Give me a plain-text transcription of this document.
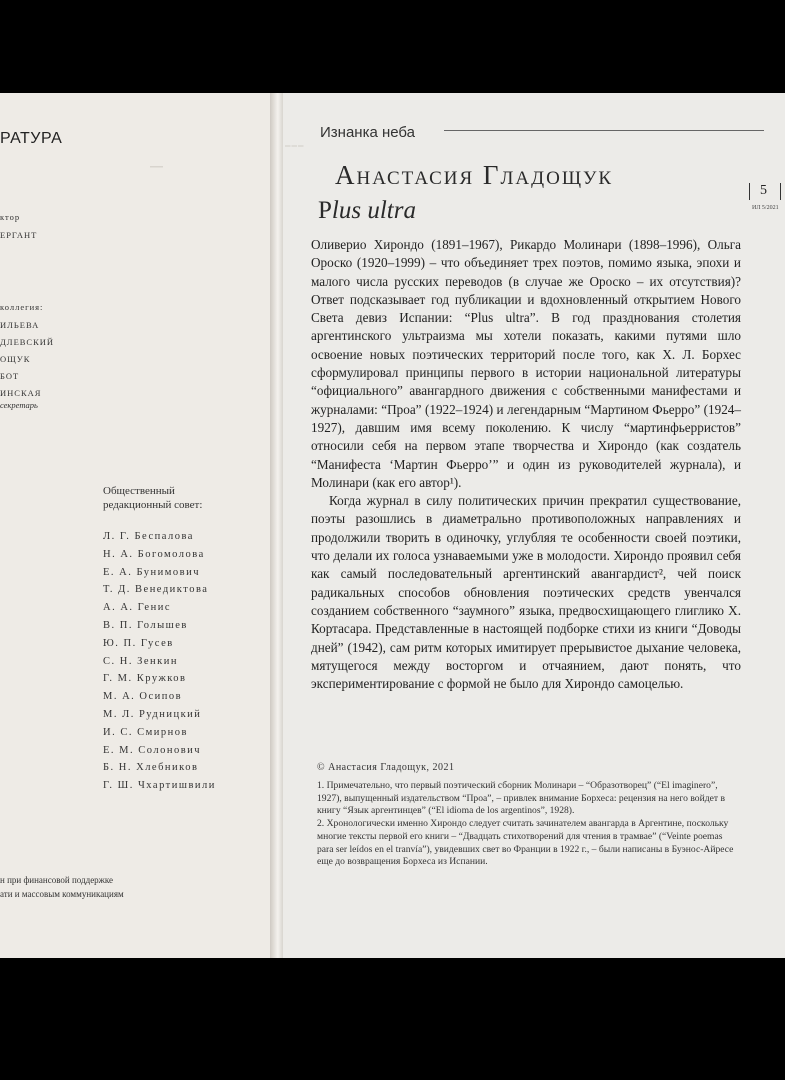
РАТУРА
⎯
ктор
ЕРГАНТ
коллегия:
ИЛЬЕВА
ДЛЕВСКИЙ
ОЩУК
БОТ
ИНСКАЯ
секретарь
Общественный
редакционный совет:
Л. Г. Беспалова
Н. А. Богомолова
Е. А. Бунимович
Т. Д. Венедиктова
А. А. Генис
В. П. Голышев
Ю. П. Гусев
С. Н. Зенкин
Г. М. Кружков
М. А. Осипов
М. Л. Рудницкий
И. С. Смирнов
Е. М. Солонович
Б. Н. Хлебников
Г. Ш. Чхартишвили
н при финансовой поддержке
ати и массовым коммуникациям
⎯⎯⎯
Изнанка неба
Анастасия Гладощук
Plus ultra
5
ИЛ 5/2021

Оливерио Хирондо (1891–1967), Рикардо Молинари (1898–1996), Ольга Ороско (1920–1999) – что объединяет трех поэтов, помимо языка, эпохи и малого числа русских переводов (в случае же Ороско – их отсутствия)? Ответ подсказывает год публикации и вдохновленный открытием Нового Света девиз Испании: “Plus ultra”. В год празднования столетия аргентинского ультраизма мы хотели показать, какими путями шло освоение новых поэтических территорий после того, как Х. Л. Борхес сформулировал принципы первого в истории национальной литературы “официального” авангардного движения с собственными манифестами и журналами: “Проа” (1922–1924) и легендарным “Мартином Фьерро” (1924–1927), давшим имя всему поколению. К числу “мартинфьерристов” относили себя на первом этапе творчества и Хирондо (как создатель “Манифеста ‘Мартин Фьерро’” и один из руководителей журнала), и Молинари (как его автор¹).

Когда журнал в силу политических причин прекратил существование, поэты разошлись в диаметрально противоположных направлениях и продолжили творить в одиночку, углубляя те особенности своей поэтики, что делали их голоса узнаваемыми уже в молодости. Хирондо проявил себя как самый последовательный аргентинский авангардист², чей поиск радикальных способов обновления поэтических средств увенчался созданием собственного “заумного” языка, предвосхищающего глиглико Х. Кортасара. Представленные в настоящей подборке стихи из книги “Доводы дней” (1942), сам ритм которых имитирует прерывистое дыхание человека, мятущегося между восторгом и отчаянием, дают понять, что экспериментирование с формой не было для Хирондо самоцелью.

© Анастасия Гладощук, 2021

1. Примечательно, что первый поэтический сборник Молинари – “Образотворец” (“El imaginero”, 1927), выпущенный издательством “Проа”, – привлек внимание Борхеса: рецензия на него войдет в книгу “Язык аргентинцев” (“El idioma de los argentinos”, 1928).

2. Хронологически именно Хирондо следует считать зачинателем авангарда в Аргентине, поскольку многие тексты первой его книги – “Двадцать стихотворений для чтения в трамвае” (“Veinte poemas para ser leídos en el tranvía”), увидевших свет во Франции в 1922 г., – были написаны в Буэнос-Айресе еще до возвращения Борхеса из Испании.
